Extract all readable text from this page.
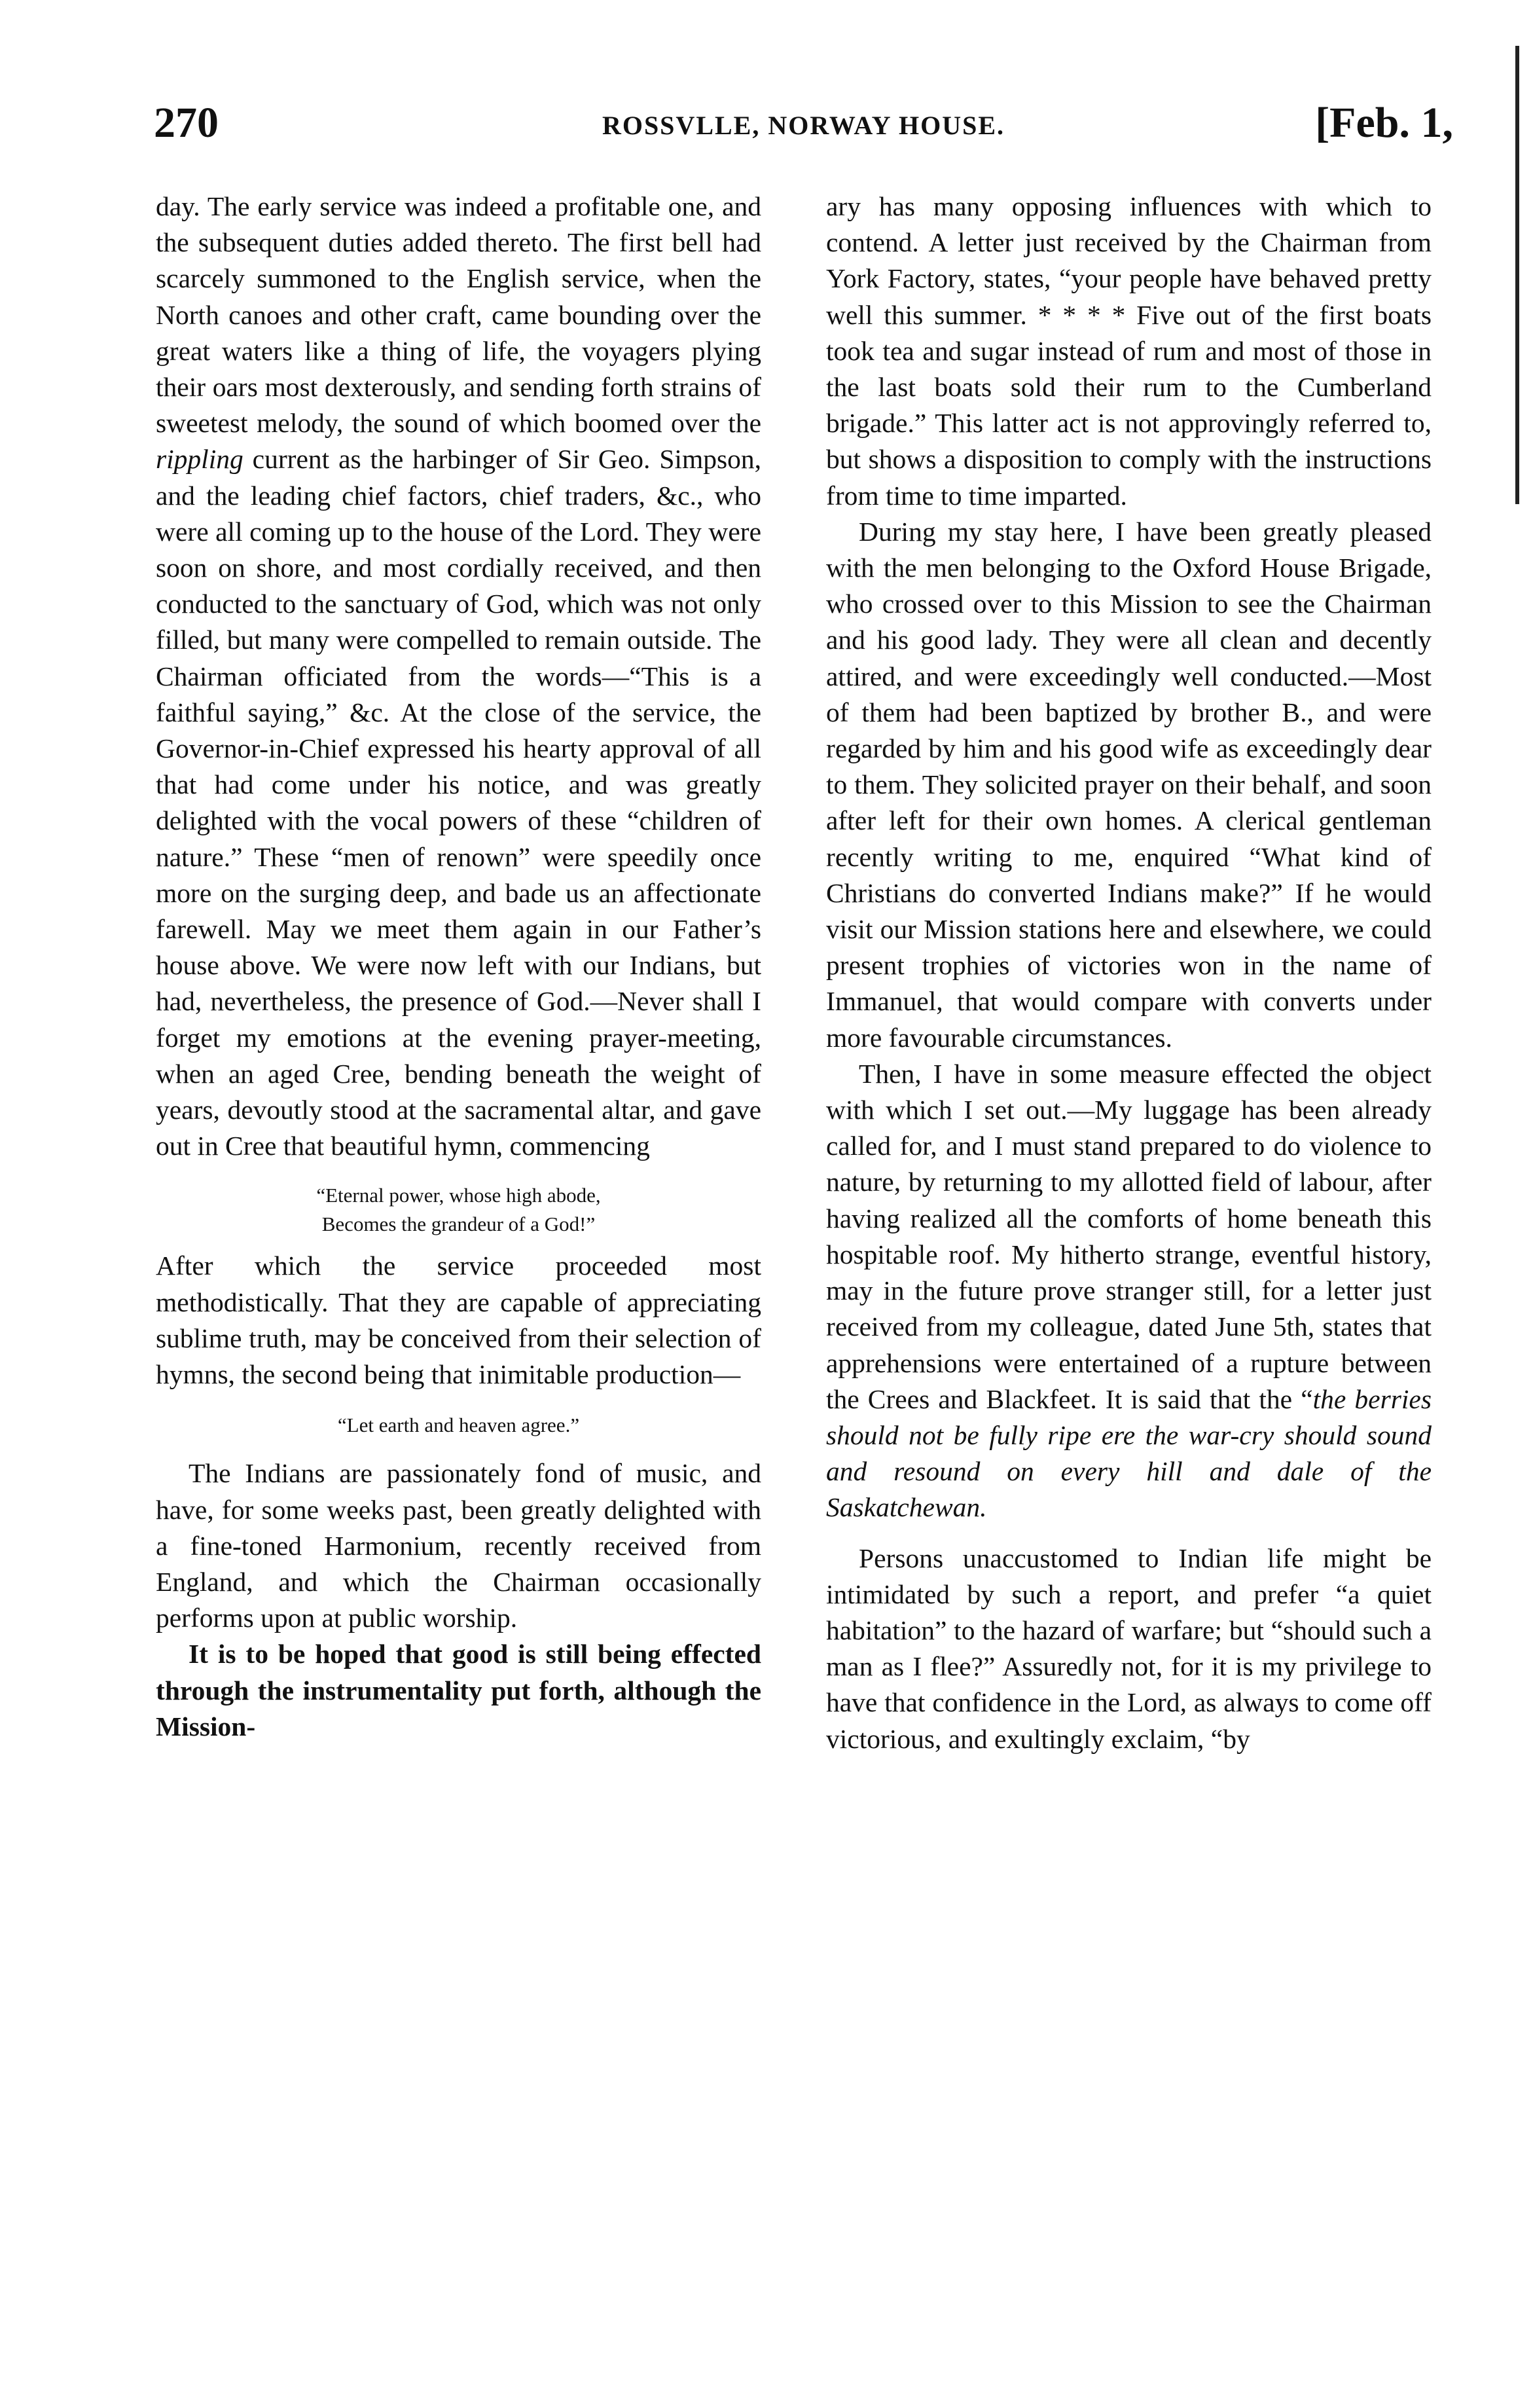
270	ROSSVLLE, NORWAY HOUSE.	[Feb. 1,

day. The early service was indeed a profitable one, and the subsequent duties added thereto. The first bell had scarcely summoned to the English service, when the North canoes and other craft, came bounding over the great waters like a thing of life, the voyagers plying their oars most dexterously, and sending forth strains of sweetest melody, the sound of which boomed over the rippling current as the harbinger of Sir Geo. Simpson, and the leading chief factors, chief traders, &c., who were all coming up to the house of the Lord. They were soon on shore, and most cordially received, and then conducted to the sanctuary of God, which was not only filled, but many were compelled to remain outside. The Chairman officiated from the words—“This is a faithful saying,” &c. At the close of the service, the Governor-in-Chief expressed his hearty approval of all that had come under his notice, and was greatly delighted with the vocal powers of these “children of nature.” These “men of renown” were speedily once more on the surging deep, and bade us an affectionate farewell. May we meet them again in our Father’s house above. We were now left with our Indians, but had, nevertheless, the presence of God.—Never shall I forget my emotions at the evening prayer-meeting, when an aged Cree, bending beneath the weight of years, devoutly stood at the sacramental altar, and gave out in Cree that beautiful hymn, commencing

“Eternal power, whose high abode,
Becomes the grandeur of a God!”

After which the service proceeded most methodistically. That they are capable of appreciating sublime truth, may be conceived from their selection of hymns, the second being that inimitable production—

“Let earth and heaven agree.”

The Indians are passionately fond of music, and have, for some weeks past, been greatly delighted with a fine-toned Harmonium, recently received from England, and which the Chairman occasionally performs upon at public worship.

It is to be hoped that good is still being effected through the instrumentality put forth, although the Mission-

ary has many opposing influences with which to contend. A letter just received by the Chairman from York Factory, states, “your people have behaved pretty well this summer. * * * * Five out of the first boats took tea and sugar instead of rum and most of those in the last boats sold their rum to the Cumberland brigade.” This latter act is not approvingly referred to, but shows a disposition to comply with the instructions from time to time imparted.

During my stay here, I have been greatly pleased with the men belonging to the Oxford House Brigade, who crossed over to this Mission to see the Chairman and his good lady. They were all clean and decently attired, and were exceedingly well conducted.—Most of them had been baptized by brother B., and were regarded by him and his good wife as exceedingly dear to them. They solicited prayer on their behalf, and soon after left for their own homes. A clerical gentleman recently writing to me, enquired “What kind of Christians do converted Indians make?” If he would visit our Mission stations here and elsewhere, we could present trophies of victories won in the name of Immanuel, that would compare with converts under more favourable circumstances.

Then, I have in some measure effected the object with which I set out.—My luggage has been already called for, and I must stand prepared to do violence to nature, by returning to my allotted field of labour, after having realized all the comforts of home beneath this hospitable roof. My hitherto strange, eventful history, may in the future prove stranger still, for a letter just received from my colleague, dated June 5th, states that apprehensions were entertained of a rupture between the Crees and Blackfeet. It is said that the “the berries should not be fully ripe ere the war-cry should sound and resound on every hill and dale of the Saskatchewan.

Persons unaccustomed to Indian life might be intimidated by such a report, and prefer “a quiet habitation” to the hazard of warfare; but “should such a man as I flee?” Assuredly not, for it is my privilege to have that confidence in the Lord, as always to come off victorious, and exultingly exclaim, “by
